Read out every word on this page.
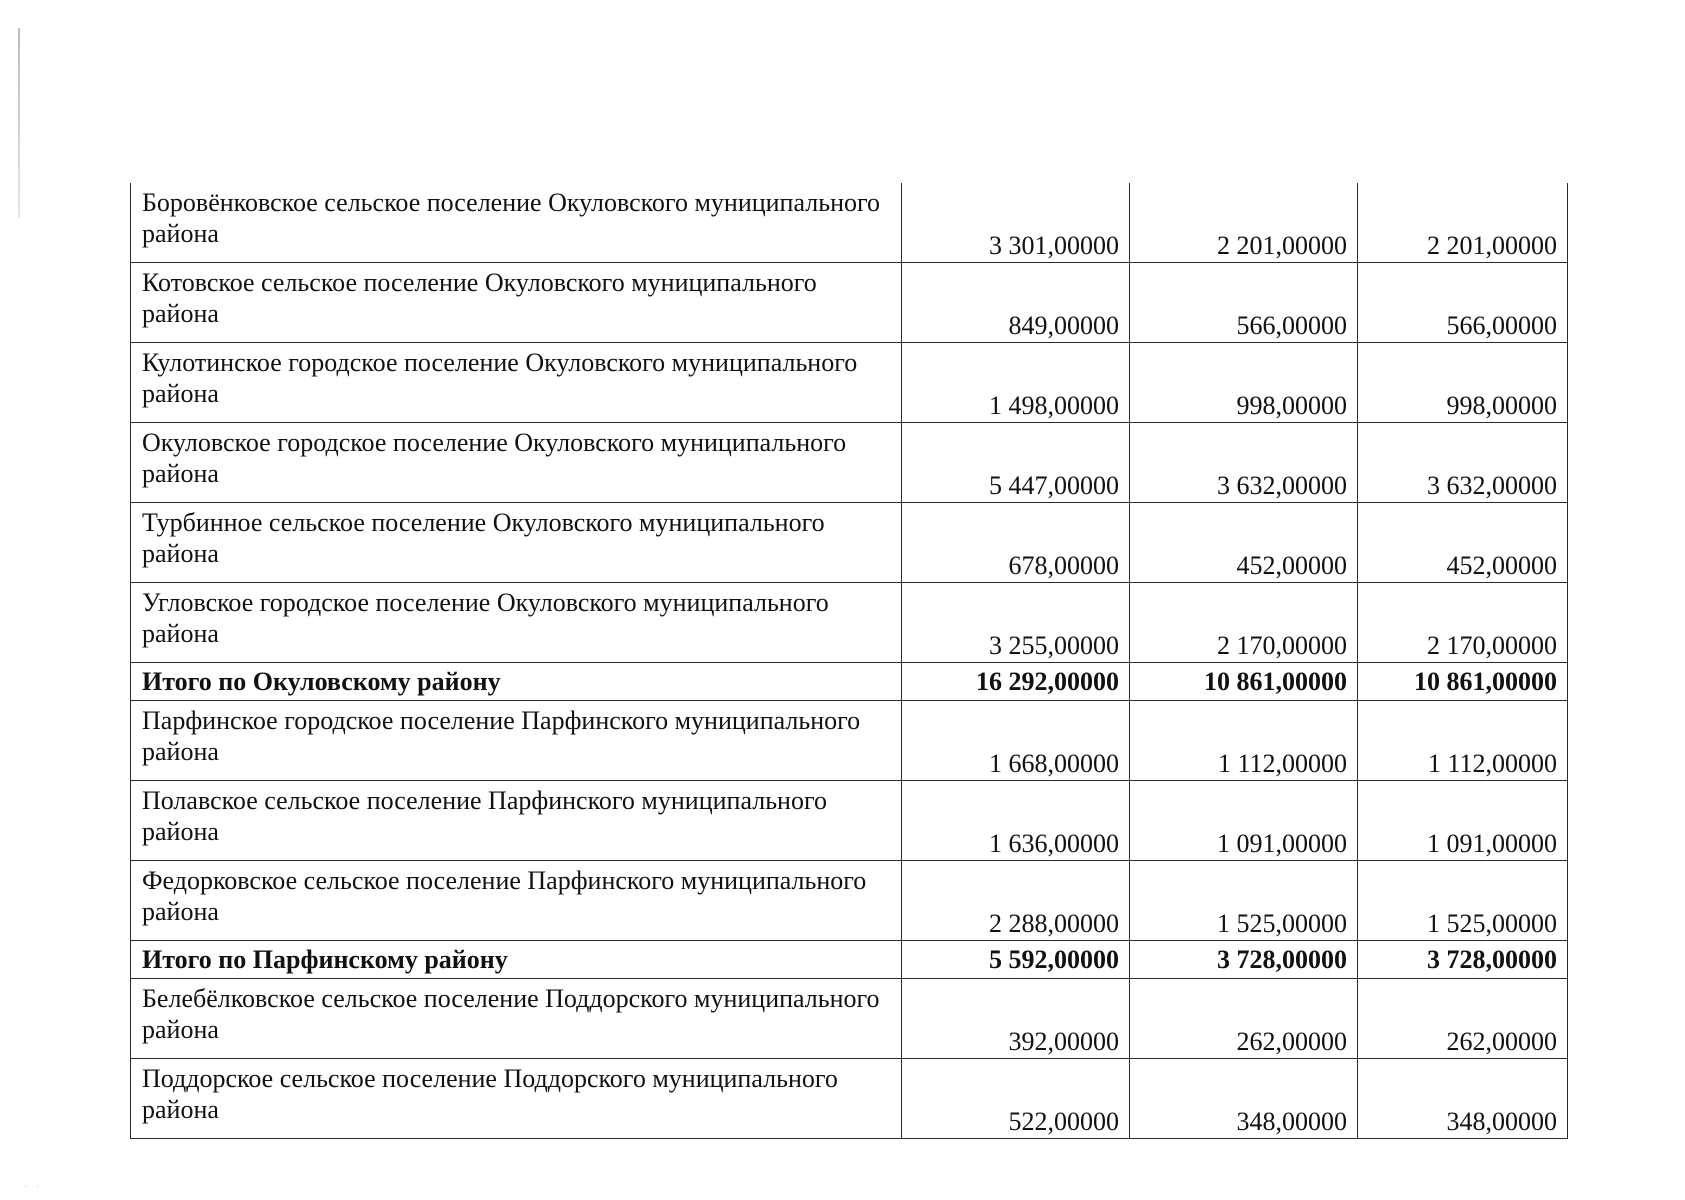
· ·
Боровёнковское сельское поселение Окуловского муниципального района	3 301,00000	2 201,00000	2 201,00000
Котовское сельское поселение Окуловского муниципального района	849,00000	566,00000	566,00000
Кулотинское городское поселение Окуловского муниципального района	1 498,00000	998,00000	998,00000
Окуловское городское поселение Окуловского муниципального района	5 447,00000	3 632,00000	3 632,00000
Турбинное сельское поселение Окуловского муниципального района	678,00000	452,00000	452,00000
Угловское городское поселение Окуловского муниципального района	3 255,00000	2 170,00000	2 170,00000
Итого по Окуловскому району	16 292,00000	10 861,00000	10 861,00000
Парфинское городское поселение Парфинского муниципального района	1 668,00000	1 112,00000	1 112,00000
Полавское сельское поселение Парфинского муниципального района	1 636,00000	1 091,00000	1 091,00000
Федорковское сельское поселение Парфинского муниципального района	2 288,00000	1 525,00000	1 525,00000
Итого по Парфинскому району	5 592,00000	3 728,00000	3 728,00000
Белебёлковское сельское поселение Поддорского муниципального района	392,00000	262,00000	262,00000
Поддорское сельское поселение Поддорского муниципального района	522,00000	348,00000	348,00000
